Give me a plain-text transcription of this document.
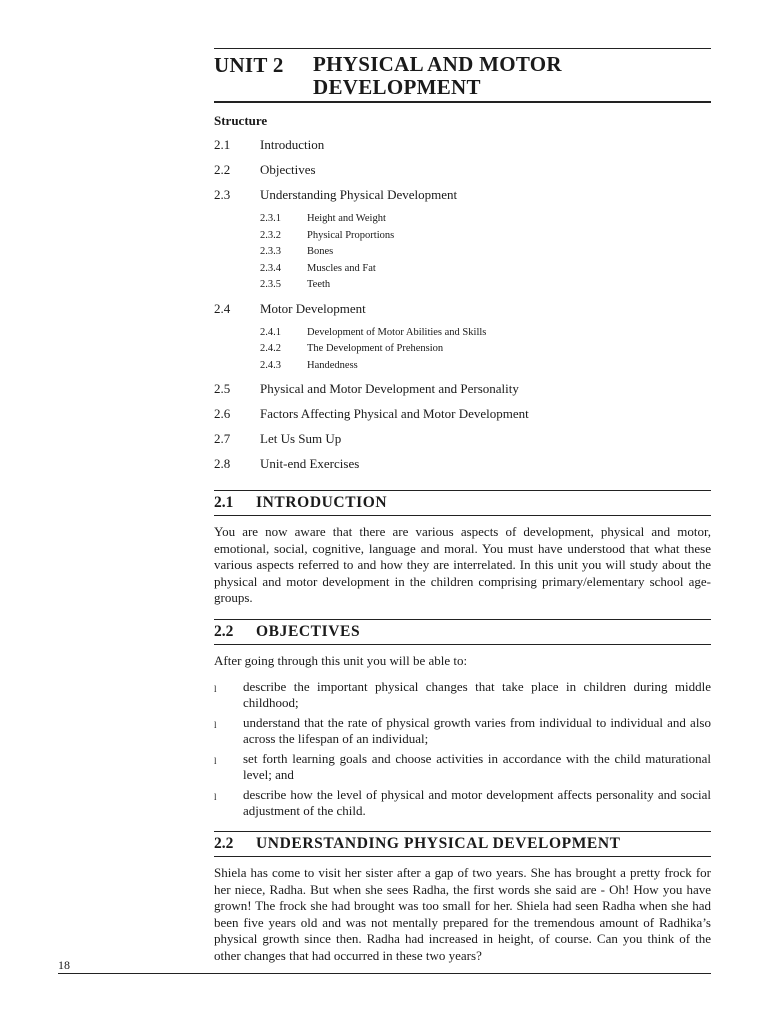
UNIT 2 PHYSICAL AND MOTOR
DEVELOPMENT
Structure
2.1	Introduction
2.2	Objectives
2.3	Understanding Physical Development
2.3.1	Height and Weight
2.3.2	Physical Proportions
2.3.3	Bones
2.3.4	Muscles and Fat
2.3.5	Teeth
2.4	Motor Development
2.4.1	Development of Motor Abilities and Skills
2.4.2	The Development of Prehension
2.4.3	Handedness
2.5	Physical and Motor Development and Personality
2.6	Factors Affecting Physical and Motor Development
2.7	Let Us Sum Up
2.8	Unit-end Exercises
2.1	INTRODUCTION
You are now aware that there are various aspects of development, physical and motor, emotional, social, cognitive, language and moral. You must have understood that what these various aspects referred to and how they are interrelated. In this unit you will study about the physical and motor development in the children comprising primary/elementary school age-groups.
2.2	OBJECTIVES
After going through this unit you will be able to:
l	describe the important physical changes that take place in children during middle childhood;
l	understand that the rate of physical growth varies from individual to individual and also across the lifespan of an individual;
l	set forth learning goals and choose activities in accordance with the child maturational level; and
l	describe how the level of physical and motor development affects personality and social adjustment of the child.
2.2	UNDERSTANDING PHYSICAL DEVELOPMENT
Shiela has come to visit her sister after a gap of two years. She has brought a pretty frock for her niece, Radha. But when she sees Radha, the first words she said are - Oh! How you have grown! The frock she had brought was too small for her. Shiela had seen Radha when she had been five years old and was not mentally prepared for the tremendous amount of Radhika’s physical growth since then. Radha had increased in height, of course. Can you think of the other changes that had occurred in these two years?
18
